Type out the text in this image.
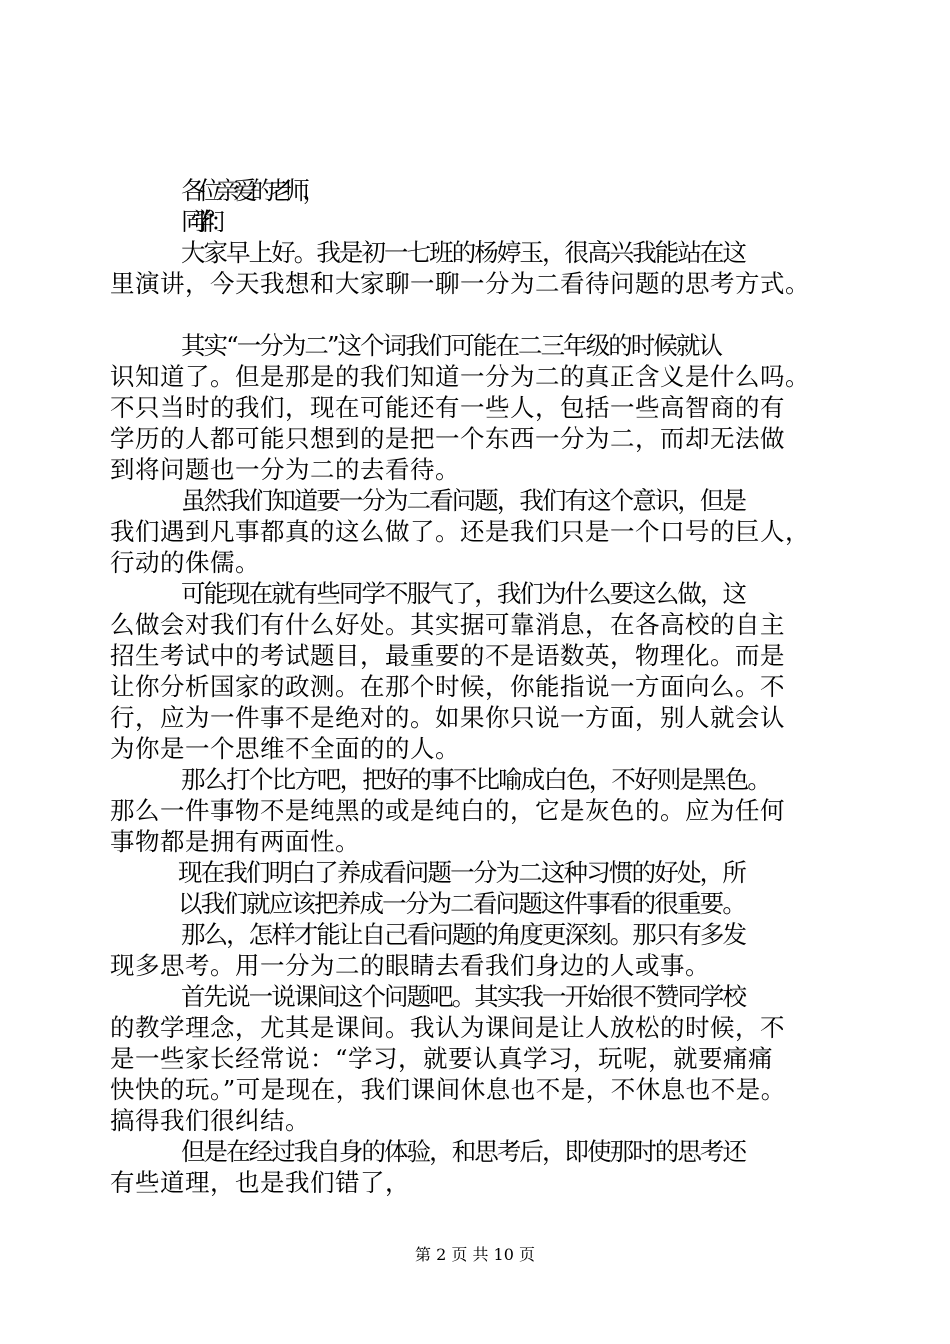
各位亲爱的老师，
同学们：
大家早上好。我是初一七班的杨婷玉，很高兴我能站在这
里演讲，今天我想和大家聊一聊一分为二看待问题的思考方式。
其实“一分为二”这个词我们可能在二三年级的时候就认
识知道了。但是那是的我们知道一分为二的真正含义是什么吗。
不只当时的我们，现在可能还有一些人，包括一些高智商的有
学历的人都可能只想到的是把一个东西一分为二，而却无法做
到将问题也一分为二的去看待。
虽然我们知道要一分为二看问题，我们有这个意识，但是
我们遇到凡事都真的这么做了。还是我们只是一个口号的巨人，
行动的侏儒。
可能现在就有些同学不服气了，我们为什么要这么做，这
么做会对我们有什么好处。其实据可靠消息，在各高校的自主
招生考试中的考试题目，最重要的不是语数英，物理化。而是
让你分析国家的政测。在那个时候，你能指说一方面向么。不
行，应为一件事不是绝对的。如果你只说一方面，别人就会认
为你是一个思维不全面的的人。
那么打个比方吧，把好的事不比喻成白色，不好则是黑色。
那么一件事物不是纯黑的或是纯白的，它是灰色的。应为任何
事物都是拥有两面性。
现在我们明白了养成看问题一分为二这种习惯的好处，所
以我们就应该把养成一分为二看问题这件事看的很重要。
那么，怎样才能让自己看问题的角度更深刻。那只有多发
现多思考。用一分为二的眼睛去看我们身边的人或事。
首先说一说课间这个问题吧。其实我一开始很不赞同学校
的教学理念，尤其是课间。我认为课间是让人放松的时候，不
是一些家长经常说：“学习，就要认真学习，玩呢，就要痛痛
快快的玩。”可是现在，我们课间休息也不是，不休息也不是。
搞得我们很纠结。
但是在经过我自身的体验，和思考后，即使那时的思考还
有些道理，也是我们错了，
第 2 页 共 10 页
